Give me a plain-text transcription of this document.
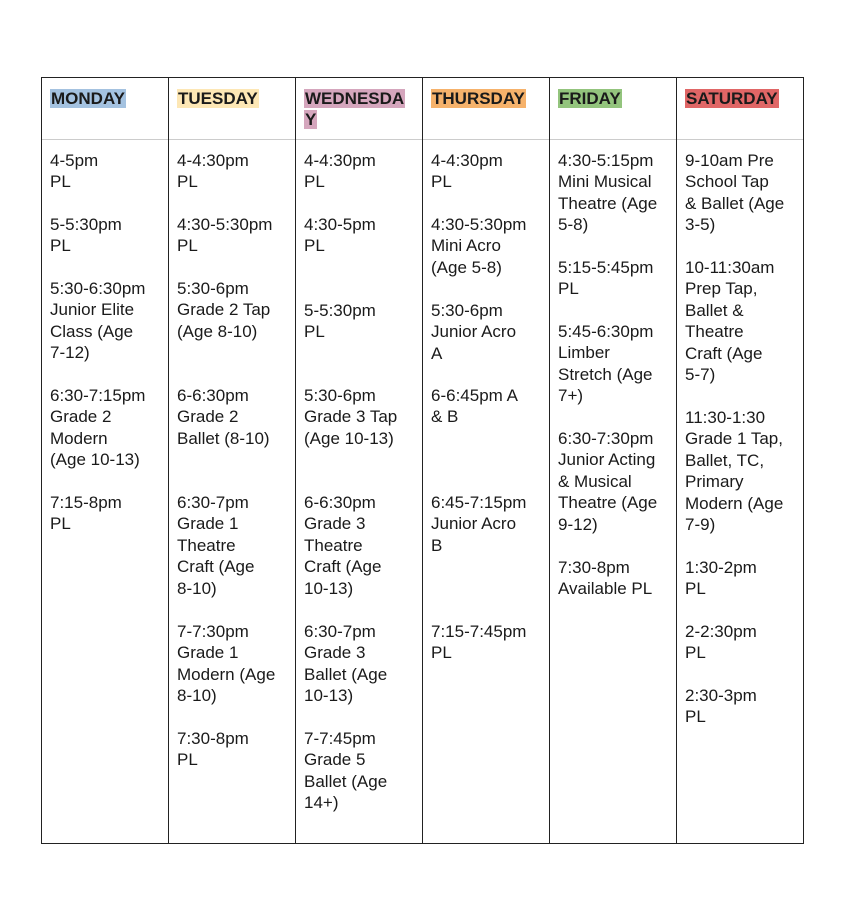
MONDAY
4-5pm
PL
5-5:30pm
PL
5:30-6:30pm
Junior Elite
Class (Age
7-12)
6:30-7:15pm
Grade 2
Modern
(Age 10-13)
7:15-8pm
PL
TUESDAY
4-4:30pm
PL
4:30-5:30pm
PL
5:30-6pm
Grade 2 Tap
(Age 8-10)
6-6:30pm
Grade 2
Ballet (8-10)
6:30-7pm
Grade 1
Theatre
Craft (Age
8-10)
7-7:30pm
Grade 1
Modern (Age
8-10)
7:30-8pm
PL
WEDNESDAY
4-4:30pm
PL
4:30-5pm
PL
5-5:30pm
PL
5:30-6pm
Grade 3 Tap
(Age 10-13)
6-6:30pm
Grade 3
Theatre
Craft (Age
10-13)
6:30-7pm
Grade 3
Ballet (Age
10-13)
7-7:45pm
Grade 5
Ballet (Age
14+)
THURSDAY
4-4:30pm
PL
4:30-5:30pm
Mini Acro
(Age 5-8)
5:30-6pm
Junior Acro
A
6-6:45pm A
& B
6:45-7:15pm
Junior Acro
B
7:15-7:45pm
PL
FRIDAY
4:30-5:15pm
Mini Musical
Theatre (Age
5-8)
5:15-5:45pm
PL
5:45-6:30pm
Limber
Stretch (Age
7+)
6:30-7:30pm
Junior Acting
& Musical
Theatre (Age
9-12)
7:30-8pm
Available PL
SATURDAY
9-10am Pre
School Tap
& Ballet (Age
3-5)
10-11:30am
Prep Tap,
Ballet &
Theatre
Craft (Age
5-7)
11:30-1:30
Grade 1 Tap,
Ballet, TC,
Primary
Modern (Age
7-9)
1:30-2pm
PL
2-2:30pm
PL
2:30-3pm
PL
